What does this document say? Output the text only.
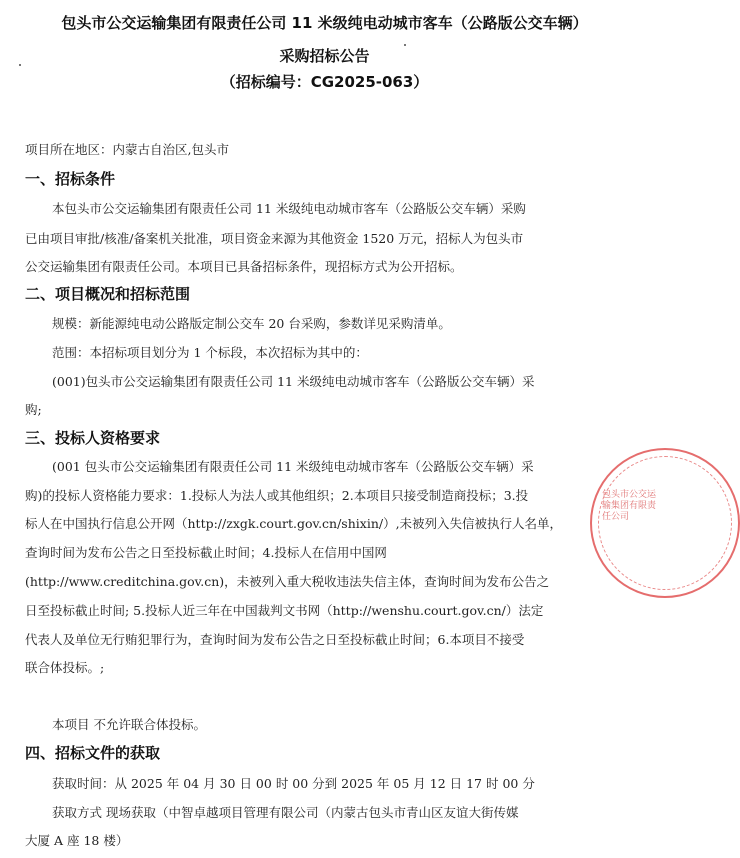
包头市公交运输集团有限责任公司 11 米级纯电动城市客车（公路版公交车辆）
采购招标公告
（招标编号：CG2025-063）
项目所在地区：内蒙古自治区,包头市
一、招标条件
本包头市公交运输集团有限责任公司 11 米级纯电动城市客车（公路版公交车辆）采购
已由项目审批/核准/备案机关批准，项目资金来源为其他资金 1520 万元，招标人为包头市
公交运输集团有限责任公司。本项目已具备招标条件，现招标方式为公开招标。
二、项目概况和招标范围
规模：新能源纯电动公路版定制公交车 20 台采购，参数详见采购清单。
范围：本招标项目划分为 1 个标段，本次招标为其中的：
(001)包头市公交运输集团有限责任公司 11 米级纯电动城市客车（公路版公交车辆）采
购;
三、投标人资格要求
(001 包头市公交运输集团有限责任公司 11 米级纯电动城市客车（公路版公交车辆）采
购)的投标人资格能力要求：1.投标人为法人或其他组织；2.本项目只接受制造商投标；3.投
标人在中国执行信息公开网（http://zxgk.court.gov.cn/shixin/）,未被列入失信被执行人名单，
查询时间为发布公告之日至投标截止时间；4.投标人在信用中国网
(http://www.creditchina.gov.cn)，未被列入重大税收违法失信主体，查询时间为发布公告之
日至投标截止时间; 5.投标人近三年在中国裁判文书网（http://wenshu.court.gov.cn/）法定
代表人及单位无行贿犯罪行为，查询时间为发布公告之日至投标截止时间；6.本项目不接受
联合体投标。;
本项目 不允许联合体投标。
四、招标文件的获取
获取时间：从 2025 年 04 月 30 日 00 时 00 分到 2025 年 05 月 12 日 17 时 00 分
获取方式 现场获取（中智卓越项目管理有限公司（内蒙古包头市青山区友谊大街传媒
大厦 A 座 18 楼）
包头市公交运输集团有限责任公司
